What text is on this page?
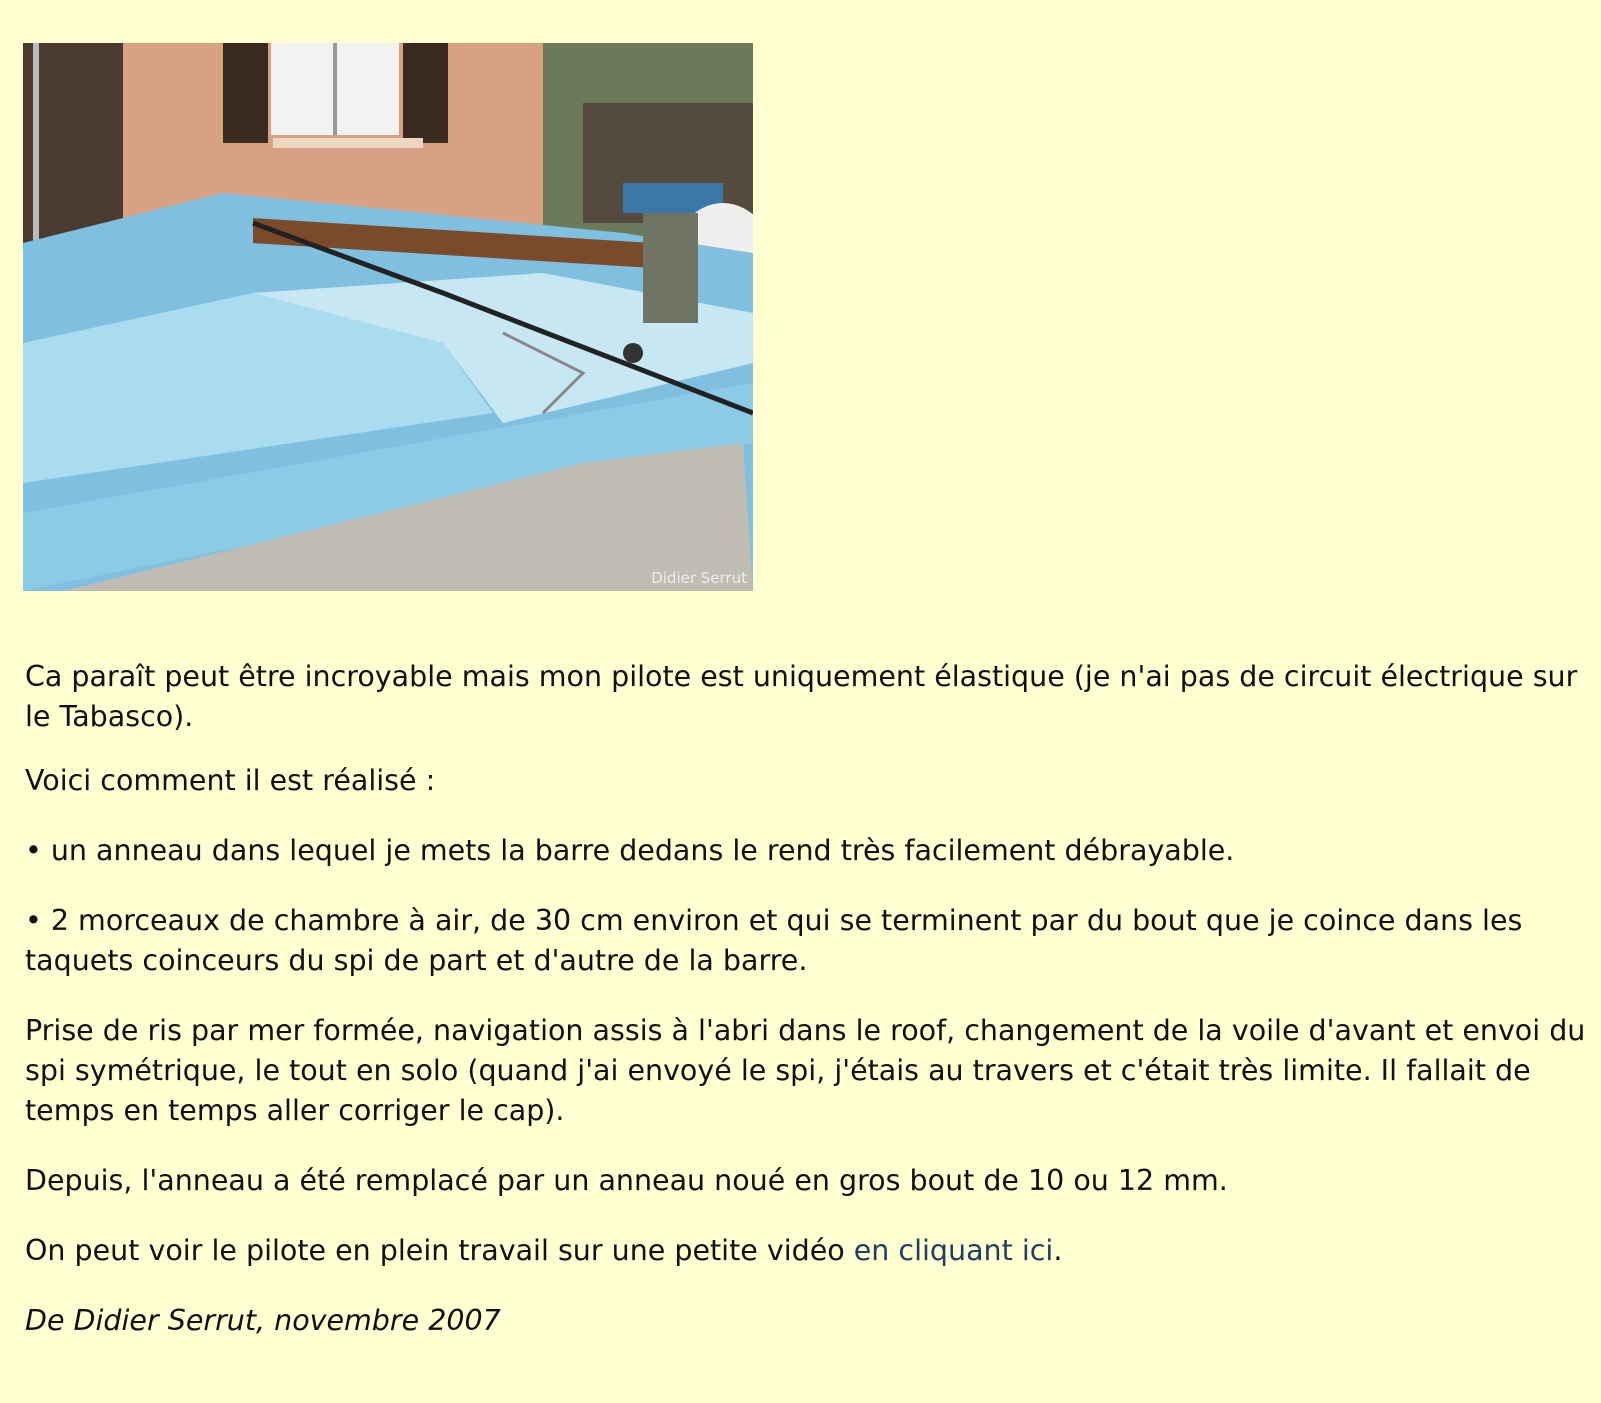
Didier Serrut

Ca paraît peut être incroyable mais mon pilote est uniquement élastique (je n'ai pas de circuit électrique sur le Tabasco).

Voici comment il est réalisé :

• un anneau dans lequel je mets la barre dedans le rend très facilement débrayable.

• 2 morceaux de chambre à air, de 30 cm environ et qui se terminent par du bout que je coince dans les taquets coinceurs du spi de part et d'autre de la barre.

Prise de ris par mer formée, navigation assis à l'abri dans le roof, changement de la voile d'avant et envoi du spi symétrique, le tout en solo (quand j'ai envoyé le spi, j'étais au travers et c'était très limite. Il fallait de temps en temps aller corriger le cap).

Depuis, l'anneau a été remplacé par un anneau noué en gros bout de 10 ou 12 mm.

On peut voir le pilote en plein travail sur une petite vidéo en cliquant ici.

De Didier Serrut, novembre 2007
